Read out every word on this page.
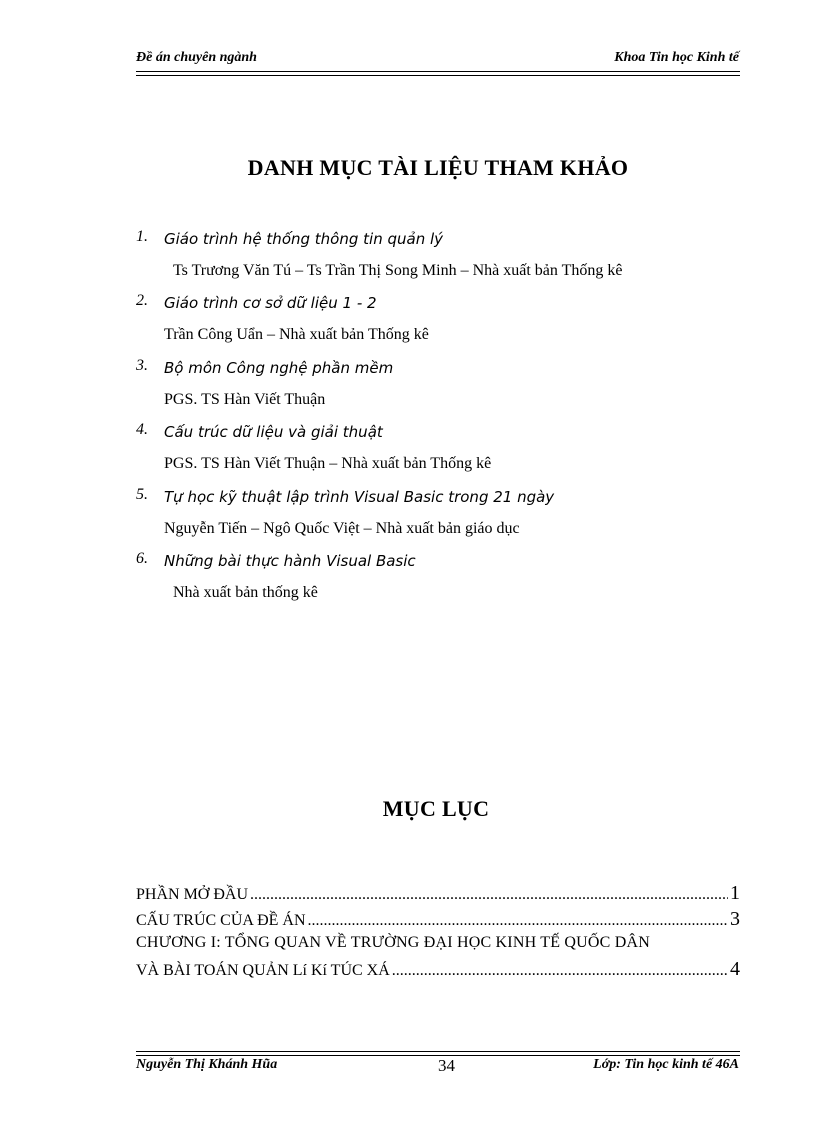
Đề án chuyên ngành	Khoa Tin học Kinh tế
DANH MỤC TÀI LIỆU THAM KHẢO
1. Giáo trình hệ thống thông tin quản lý
Ts Trương Văn Tú – Ts Trần Thị Song Minh – Nhà xuất bản Thống kê
2. Giáo trình cơ sở dữ liệu 1 - 2
Trần Công Uẩn – Nhà xuất bản Thống kê
3. Bộ môn Công nghệ phần mềm
PGS. TS Hàn Viết Thuận
4. Cấu trúc dữ liệu và giải thuật
PGS. TS Hàn Viết Thuận – Nhà xuất bản Thống kê
5. Tự học kỹ thuật lập trình Visual Basic trong 21 ngày
Nguyễn Tiến – Ngô Quốc Việt – Nhà xuất bản giáo dục
6. Những bài thực hành Visual Basic
Nhà xuất bản thống kê
MỤC LỤC
PHẦN MỞ ĐẦU .....	1
CẤU TRÚC CỦA ĐỀ ÁN .....	3
CHƯƠNG I: TỔNG QUAN VỀ TRƯỜNG ĐẠI HỌC KINH TẾ QUỐC DÂN
VÀ BÀI TOÁN QUẢN Lí Kí TÚC XÁ .....	4
Nguyễn Thị Khánh Hũa	34	Lớp: Tin học kinh tế 46A
